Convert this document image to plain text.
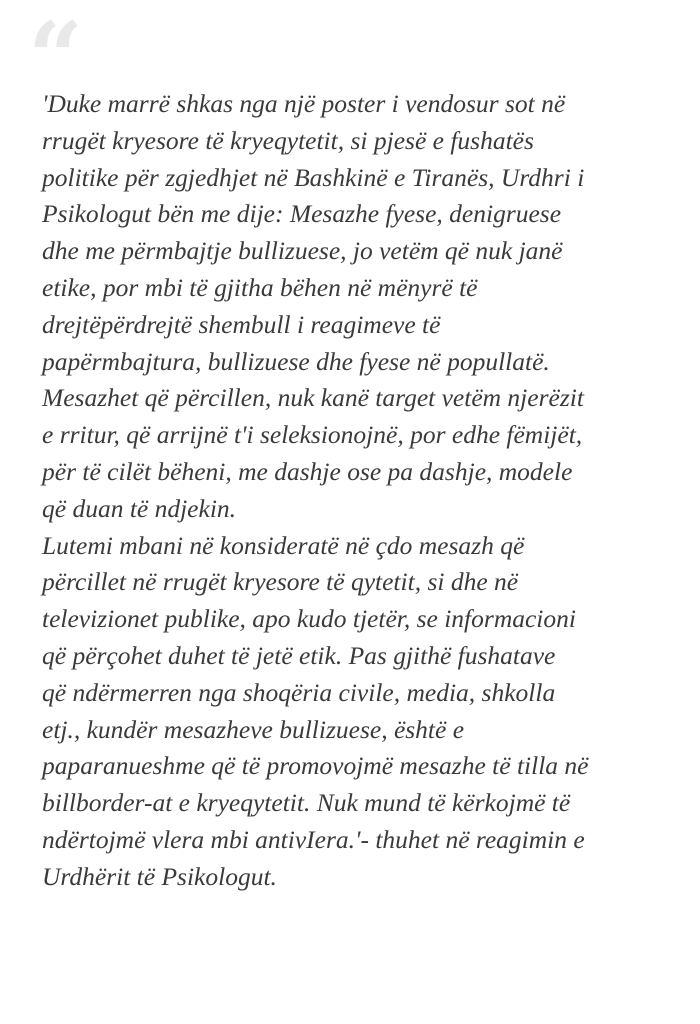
“
'Duke marrë shkas nga një poster i vendosur sot në
rrugët kryesore të kryeqytetit, si pjesë e fushatës
politike për zgjedhjet në Bashkinë e Tiranës, Urdhri i
Psikologut bën me dije: Mesazhe fyese, denigruese
dhe me përmbajtje bullizuese, jo vetëm që nuk janë
etike, por mbi të gjitha bëhen në mënyrë të
drejtëpërdrejtë shembull i reagimeve të
papërmbajtura, bullizuese dhe fyese në popullatë.
Mesazhet që përcillen, nuk kanë target vetëm njerëzit
e rritur, që arrijnë t'i seleksionojnë, por edhe fëmijët,
për të cilët bëheni, me dashje ose pa dashje, modele
që duan të ndjekin.
Lutemi mbani në konsideratë në çdo mesazh që
përcillet në rrugët kryesore të qytetit, si dhe në
televizionet publike, apo kudo tjetër, se informacioni
që përçohet duhet të jetë etik. Pas gjithë fushatave
që ndërmerren nga shoqëria civile, media, shkolla
etj., kundër mesazheve bullizuese, është e
paparanueshme që të promovojmë mesazhe të tilla në
billborder-at e kryeqytetit. Nuk mund të kërkojmë të
ndërtojmë vlera mbi antivIera.'- thuhet në reagimin e
Urdhërit të Psikologut.
